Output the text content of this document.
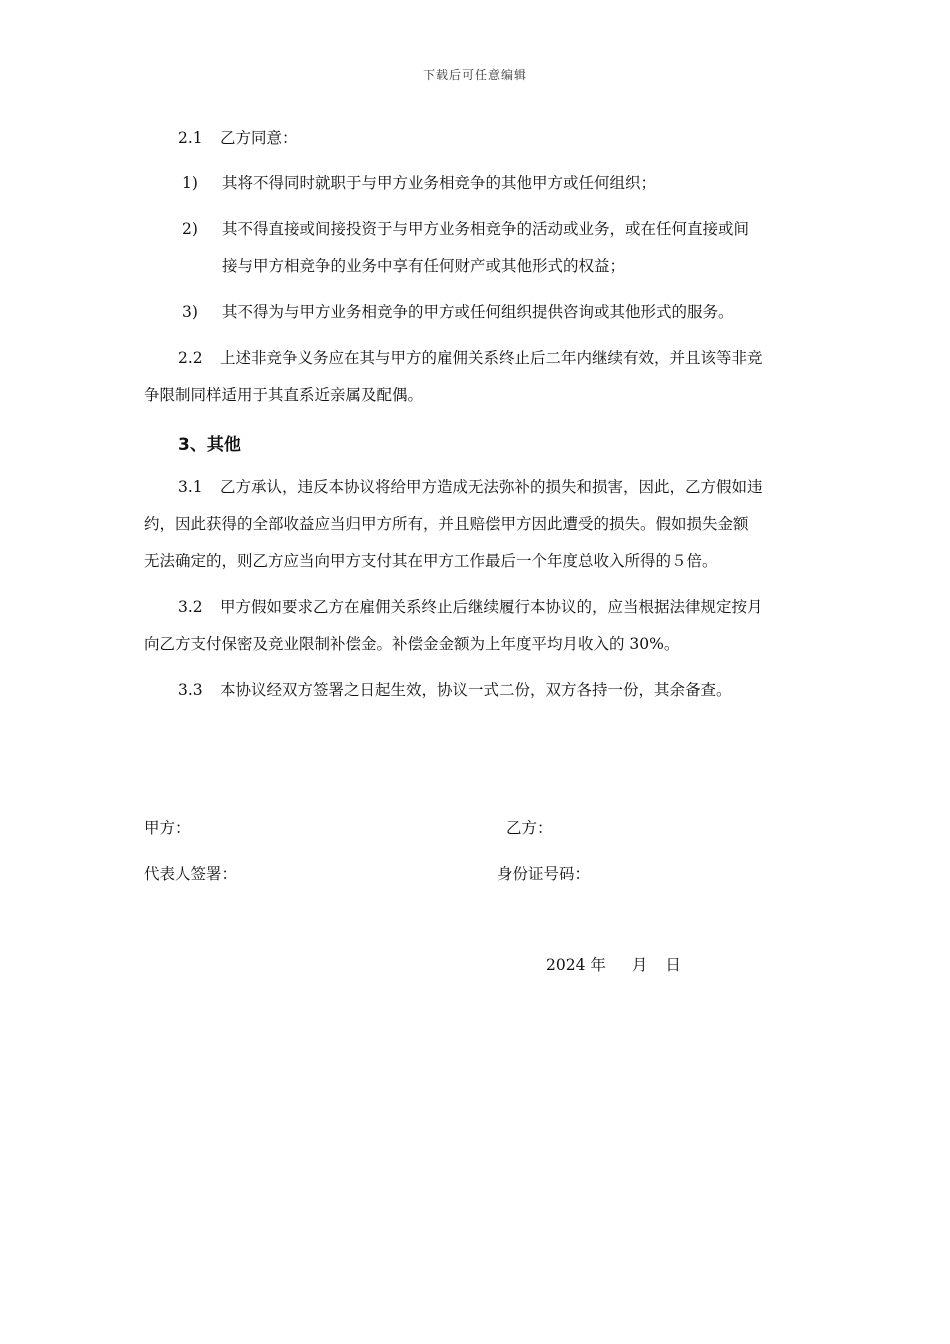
下载后可任意编辑
2.1 乙方同意：
1) 其将不得同时就职于与甲方业务相竞争的其他甲方或任何组织；
2) 其不得直接或间接投资于与甲方业务相竞争的活动或业务，或在任何直接或间
接与甲方相竞争的业务中享有任何财产或其他形式的权益；
3) 其不得为与甲方业务相竞争的甲方或任何组织提供咨询或其他形式的服务。
2.2 上述非竞争义务应在其与甲方的雇佣关系终止后二年内继续有效，并且该等非竞
争限制同样适用于其直系近亲属及配偶。
3、其他
3.1 乙方承认，违反本协议将给甲方造成无法弥补的损失和损害，因此，乙方假如违
约，因此获得的全部收益应当归甲方所有，并且赔偿甲方因此遭受的损失。假如损失金额
无法确定的，则乙方应当向甲方支付其在甲方工作最后一个年度总收入所得的５倍。
3.2 甲方假如要求乙方在雇佣关系终止后继续履行本协议的，应当根据法律规定按月
向乙方支付保密及竞业限制补偿金。补偿金金额为上年度平均月收入的 30%。
3.3 本协议经双方签署之日起生效，协议一式二份，双方各持一份，其余备查。
甲方：	乙方：
代表人签署：	身份证号码：
2024 年 月 日
